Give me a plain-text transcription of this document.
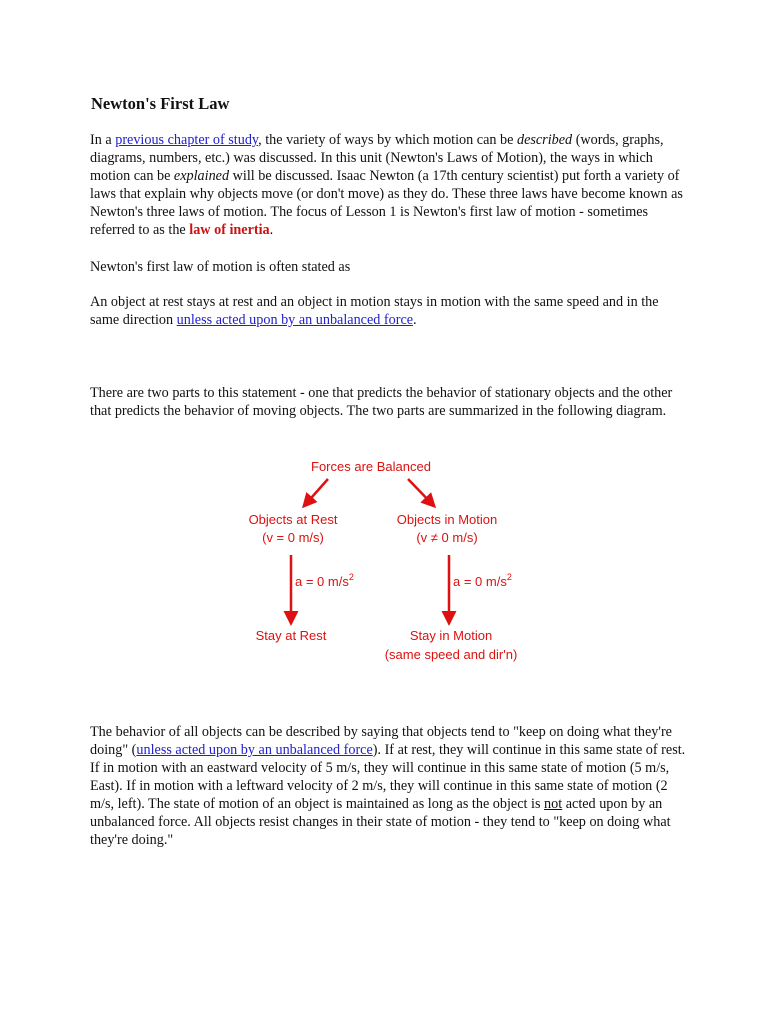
Newton's First Law

In a previous chapter of study, the variety of ways by which motion can be described (words, graphs, diagrams, numbers, etc.) was discussed. In this unit (Newton's Laws of Motion), the ways in which motion can be explained will be discussed. Isaac Newton (a 17th century scientist) put forth a variety of laws that explain why objects move (or don't move) as they do. These three laws have become known as Newton's three laws of motion. The focus of Lesson 1 is Newton's first law of motion - sometimes referred to as the law of inertia.

Newton's first law of motion is often stated as

An object at rest stays at rest and an object in motion stays in motion with the same speed and in the same direction unless acted upon by an unbalanced force.

There are two parts to this statement - one that predicts the behavior of stationary objects and the other that predicts the behavior of moving objects. The two parts are summarized in the following diagram.

Forces are Balanced
Objects at Rest
(v = 0 m/s)
Objects in Motion
(v ≠ 0 m/s)
a = 0 $m/s^2$	a = 0 $m/s^2$
Stay at Rest	Stay in Motion
(same speed and dir'n)

The behavior of all objects can be described by saying that objects tend to "keep on doing what they're doing" (unless acted upon by an unbalanced force). If at rest, they will continue in this same state of rest. If in motion with an eastward velocity of 5 m/s, they will continue in this same state of motion (5 m/s, East). If in motion with a leftward velocity of 2 m/s, they will continue in this same state of motion (2 m/s, left). The state of motion of an object is maintained as long as the object is not acted upon by an unbalanced force. All objects resist changes in their state of motion - they tend to "keep on doing what they're doing."
